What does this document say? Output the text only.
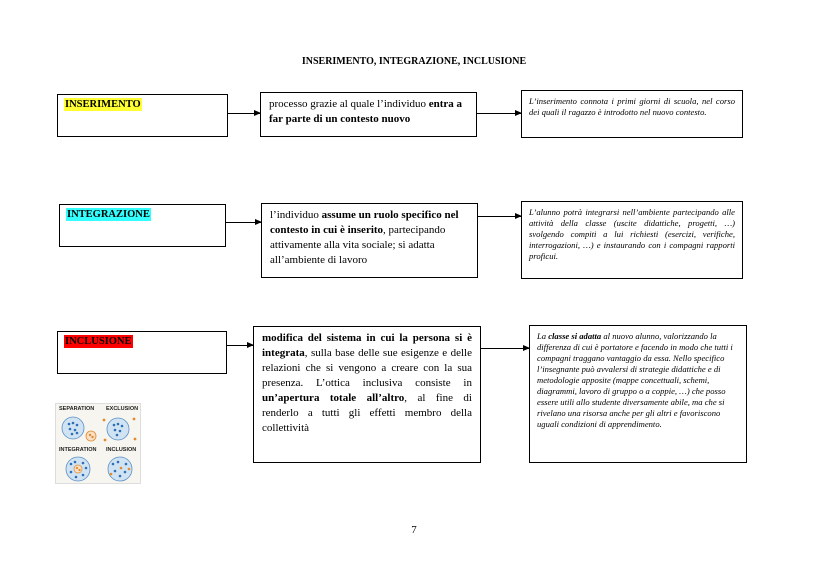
INSERIMENTO, INTEGRAZIONE, INCLUSIONE
INSERIMENTO	processo grazie al quale l’individuo entra a far parte di un contesto nuovo
L’inserimento connota i primi giorni di scuola, nel corso dei quali il ragazzo è introdotto nel nuovo contesto.
INTEGRAZIONE	l’individuo assume un ruolo specifico nel contesto in cui è inserito, partecipando attivamente alla vita sociale; si adatta all’ambiente di lavoro
L’alunno potrà integrarsi nell’ambiente partecipando alle attività della classe (uscite didattiche, progetti, …) svolgendo compiti a lui richiesti (esercizi, verifiche, interrogazioni, …) e instaurando con i compagni rapporti proficui.
INCLUSIONE	modifica del sistema in cui la persona si è integrata, sulla base delle sue esigenze e delle relazioni che si vengono a creare con la sua presenza. L’ottica inclusiva consiste in un’apertura totale all’altro, al fine di renderlo a tutti gli effetti membro della collettività
La classe si adatta al nuovo alunno, valorizzando la differenza di cui è portatore e facendo in modo che tutti i compagni traggano vantaggio da essa. Nello specifico l’insegnante può avvalersi di strategie didattiche e di metodologie apposite (mappe concettuali, schemi, diagrammi, lavoro di gruppo o a coppie, …) che posso essere utili allo studente diversamente abile, ma che si rivelano una risorsa anche per gli altri e favoriscono uguali condizioni di apprendimento.
SEPARATION EXCLUSION
INTEGRATION INCLUSION
7
